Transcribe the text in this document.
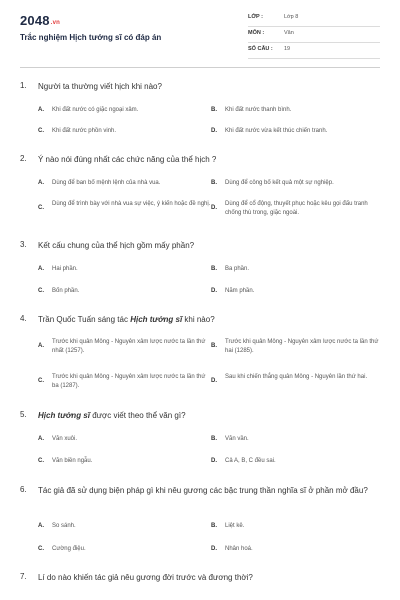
2048.vn
Trắc nghiệm Hịch tướng sĩ có đáp án
LỚP :	Lớp 8
MÔN :	Văn
SỐ CÂU : 19
1. Người ta thường viết hịch khi nào?
A. Khi đất nước có giặc ngoại xâm.	B. Khi đất nước thanh bình.
C. Khi đất nước phồn vinh.	D. Khi đất nước vừa kết thúc chiến tranh.
2. Ý nào nói đúng nhất các chức năng của thể hịch ?
A. Dùng để ban bố mệnh lệnh của nhà vua.	B. Dùng để công bố kết quả một sự nghiệp.
C.
Dùng để trình bày với nhà vua sự việc, ý kiến hoặc đề nghị.
D.
Dùng để cổ động, thuyết phục hoặc kêu gọi đấu tranh chống thù trong, giặc ngoài.
3. Kết cấu chung của thể hịch gồm mấy phần?
A. Hai phần.	B. Ba phần.
C. Bốn phần.	D. Năm phần.
4. Trần Quốc Tuấn sáng tác Hịch tướng sĩ khi nào?
A.
Trước khi quân Mông - Nguyên xâm lược nước ta lần thứ nhất (1257).
B.
Trước khi quân Mông - Nguyên xâm lược nước ta lần thứ hai (1285).
C.
Trước khi quân Mông - Nguyên xâm lược nước ta lần thứ ba (1287).
D.
Sau khi chiến thắng quân Mông - Nguyên lần thứ hai.
5. Hịch tướng sĩ được viết theo thể văn gì?
A. Văn xuôi.	B. Văn vần.
C. Văn biền ngẫu.	D. Cả A, B, C đều sai.
6. Tác giả đã sử dụng biện pháp gì khi nêu gương các bậc trung thần nghĩa sĩ ở phần mở đầu?
A. So sánh.	B. Liệt kê.
C. Cường điệu.	D. Nhân hoá.
7. Lí do nào khiến tác giả nêu gương đời trước và đương thời?
